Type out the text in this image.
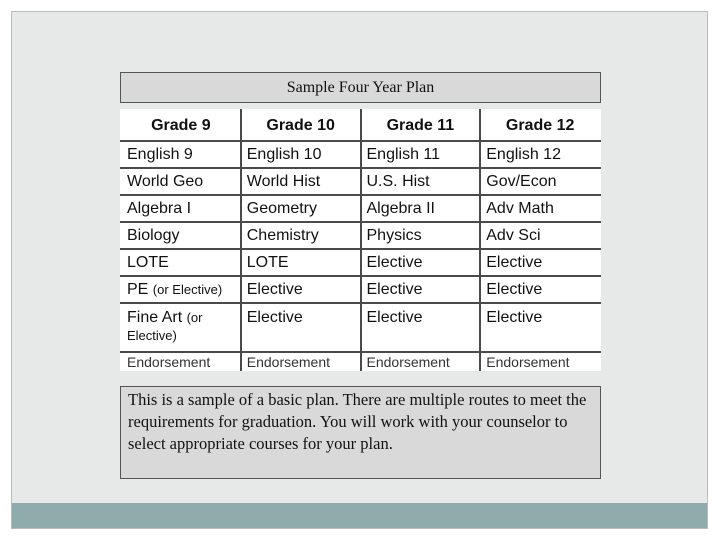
Sample Four Year Plan
Grade 9	Grade 10	Grade 11	Grade 12
English 9	English 10	English 11	English 12
World Geo	World Hist	U.S. Hist	Gov/Econ
Algebra I	Geometry	Algebra II	Adv Math
Biology	Chemistry	Physics	Adv Sci
LOTE	LOTE	Elective	Elective
PE (or Elective)	Elective	Elective	Elective
Fine Art (or Elective)	Elective	Elective	Elective
Endorsement	Endorsement	Endorsement	Endorsement
This is a sample of a basic plan. There are multiple routes to meet the requirements for graduation. You will work with your counselor to select appropriate courses for your plan.
